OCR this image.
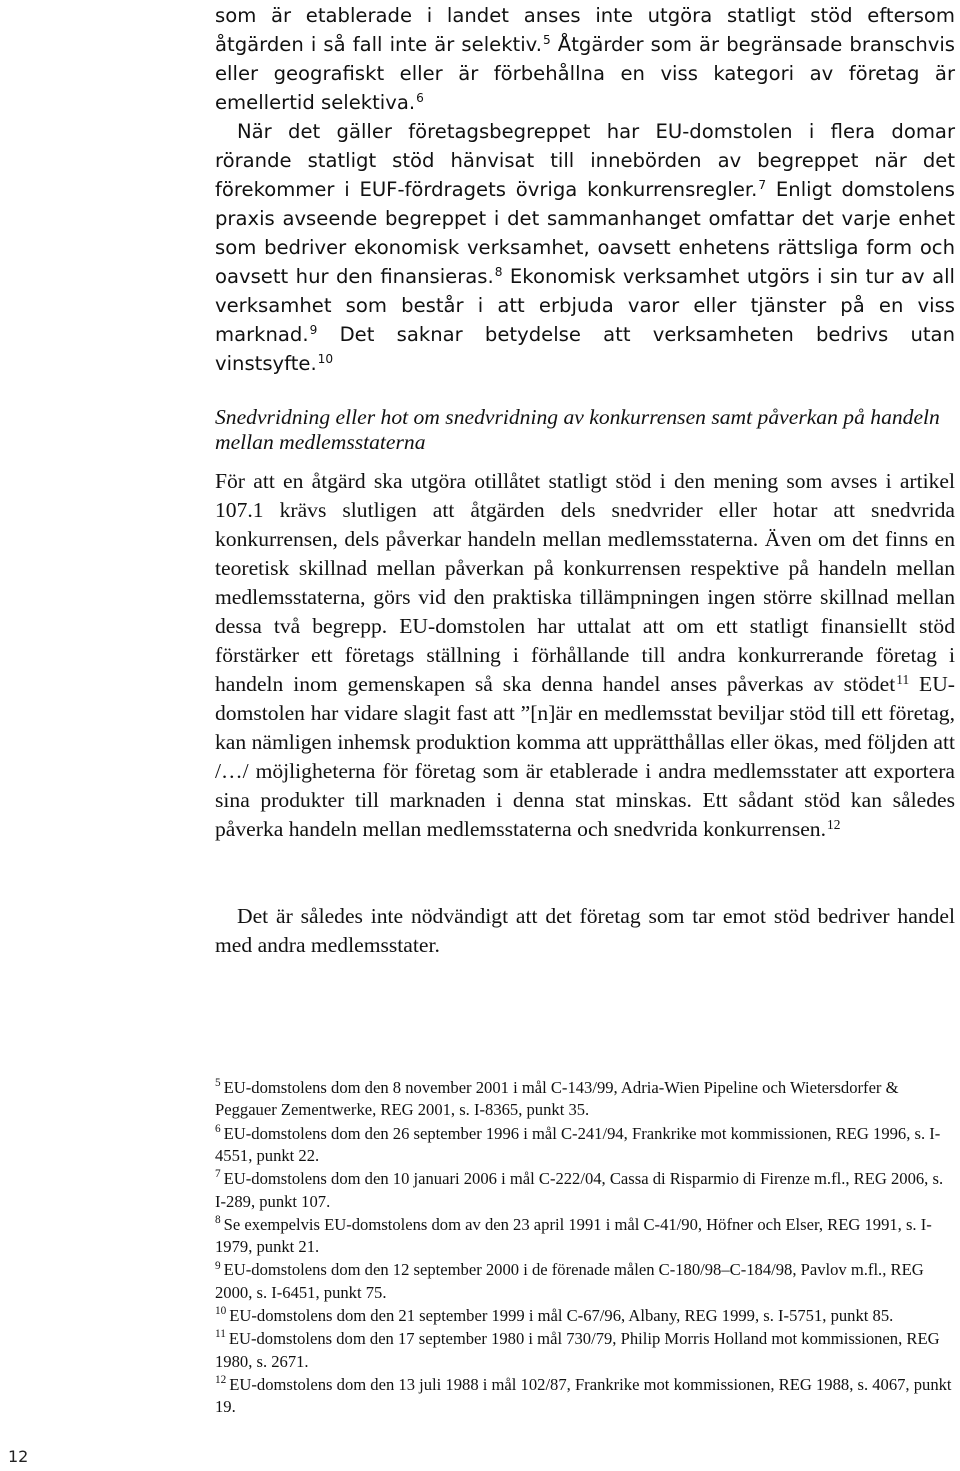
som är etablerade i landet anses inte utgöra statligt stöd eftersom åtgärden i så fall inte är selektiv.$^5$ Åtgärder som är begränsade branschvis eller geografiskt eller är förbehållna en viss kategori av företag är emellertid selektiva.$^6$

När det gäller företagsbegreppet har EU-domstolen i flera domar rörande statligt stöd hänvisat till innebörden av begreppet när det förekommer i EUF-fördragets övriga konkurrensregler.$^7$ Enligt domstolens praxis avseende begreppet i det sammanhanget omfattar det varje enhet som bedriver ekonomisk verksamhet, oavsett enhetens rättsliga form och oavsett hur den finansieras.$^8$ Ekonomisk verksamhet utgörs i sin tur av all verksamhet som består i att erbjuda varor eller tjänster på en viss marknad.$^9$ Det saknar betydelse att verksamheten bedrivs utan vinstsyfte.$^{10}$

Snedvridning eller hot om snedvridning av konkurrensen samt påverkan på handeln mellan medlemsstaterna

För att en åtgärd ska utgöra otillåtet statligt stöd i den mening som avses i artikel 107.1 krävs slutligen att åtgärden dels snedvrider eller hotar att snedvrida konkurrensen, dels påverkar handeln mellan medlemsstaterna. Även om det finns en teoretisk skillnad mellan påverkan på konkurrensen respektive på handeln mellan medlemsstaterna, görs vid den praktiska tillämpningen ingen större skillnad mellan dessa två begrepp. EU-domstolen har uttalat att om ett statligt finansiellt stöd förstärker ett företags ställning i förhållande till andra konkurrerande företag i handeln inom gemenskapen så ska denna handel anses påverkas av stödet$^{11}$ EU-domstolen har vidare slagit fast att ”[n]är en medlemsstat beviljar stöd till ett företag, kan nämligen inhemsk produktion komma att upprätthållas eller ökas, med följden att /…/ möjligheterna för företag som är etablerade i andra medlemsstater att exportera sina produkter till marknaden i denna stat minskas. Ett sådant stöd kan således påverka handeln mellan medlemsstaterna och snedvrida konkurrensen.$^{12}$

Det är således inte nödvändigt att det företag som tar emot stöd bedriver handel med andra medlemsstater.

$^5$ EU-domstolens dom den 8 november 2001 i mål C-143/99, Adria-Wien Pipeline och Wietersdorfer & Peggauer Zementwerke, REG 2001, s. I-8365, punkt 35.

$^6$ EU-domstolens dom den 26 september 1996 i mål C-241/94, Frankrike mot kommissionen, REG 1996, s. I-4551, punkt 22.

$^7$ EU-domstolens dom den 10 januari 2006 i mål C-222/04, Cassa di Risparmio di Firenze m.fl., REG 2006, s. I-289, punkt 107.

$^8$ Se exempelvis EU-domstolens dom av den 23 april 1991 i mål C-41/90, Höfner och Elser, REG 1991, s. I-1979, punkt 21.

$^9$ EU-domstolens dom den 12 september 2000 i de förenade målen C-180/98–C-184/98, Pavlov m.fl., REG 2000, s. I-6451, punkt 75.

$^{10}$ EU-domstolens dom den 21 september 1999 i mål C-67/96, Albany, REG 1999, s. I-5751, punkt 85.

$^{11}$ EU-domstolens dom den 17 september 1980 i mål 730/79, Philip Morris Holland mot kommissionen, REG 1980, s. 2671.

$^{12}$ EU-domstolens dom den 13 juli 1988 i mål 102/87, Frankrike mot kommissionen, REG 1988, s. 4067, punkt 19.

12
